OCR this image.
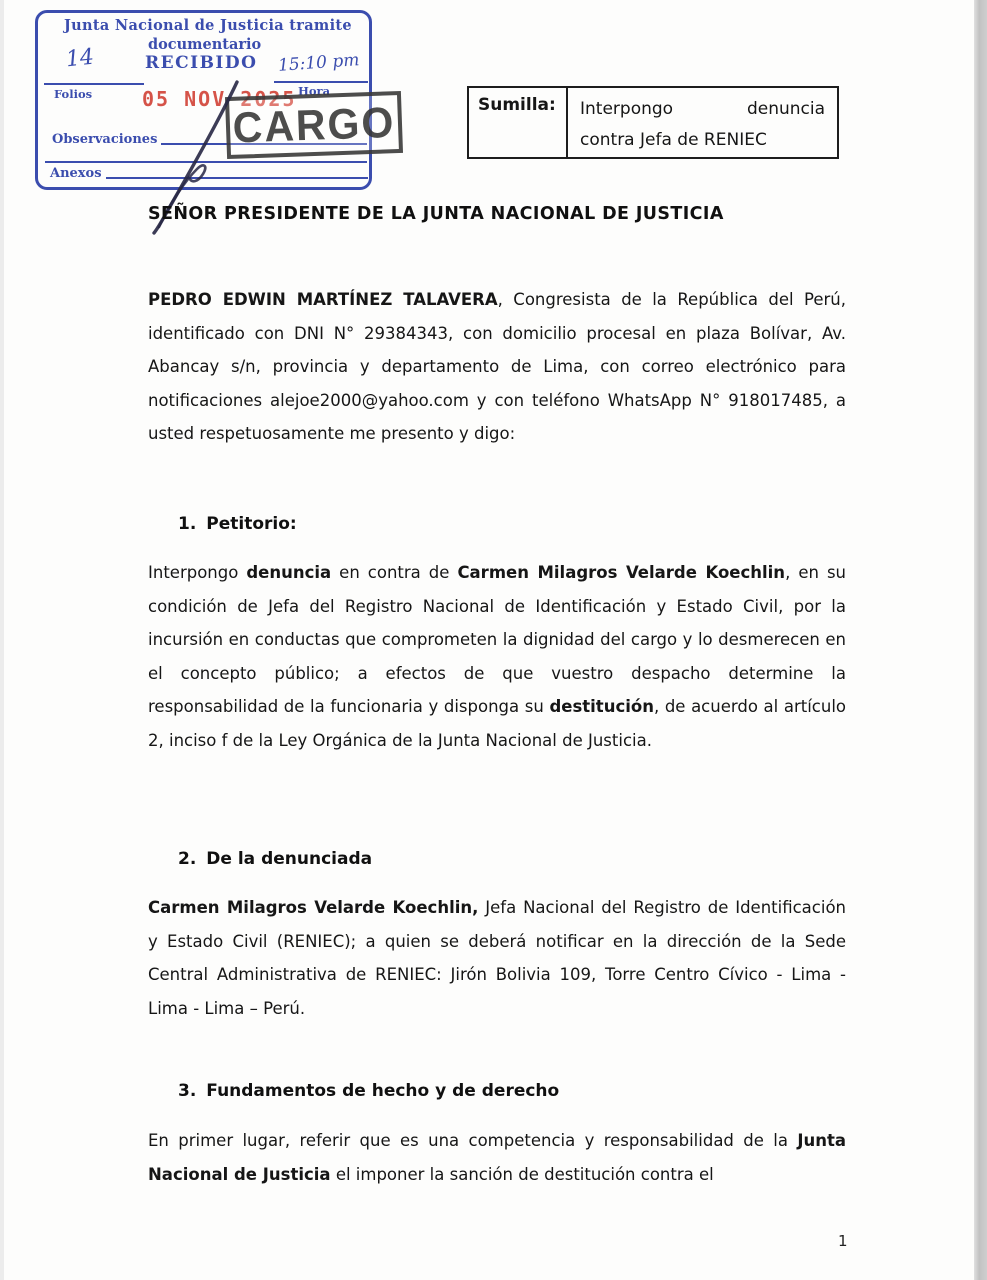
Junta Nacional de Justicia tramite
documentario
RECIBIDO
14
Folios
15:10 pm
Hora
05 NOV 2025
Observaciones
Anexos
CARGO	Sumilla:	Interpongo	denuncia
contra Jefa de RENIEC
SEÑOR PRESIDENTE DE LA JUNTA NACIONAL DE JUSTICIA
PEDRO EDWIN MARTÍNEZ TALAVERA, Congresista de la República del Perú, identificado con DNI N° 29384343, con domicilio procesal en plaza Bolívar, Av. Abancay s/n, provincia y departamento de Lima, con correo electrónico para notificaciones alejoe2000@yahoo.com y con teléfono WhatsApp N° 918017485, a usted respetuosamente me presento y digo:
1. Petitorio:
Interpongo denuncia en contra de Carmen Milagros Velarde Koechlin, en su condición de Jefa del Registro Nacional de Identificación y Estado Civil, por la incursión en conductas que comprometen la dignidad del cargo y lo desmerecen en el concepto público; a efectos de que vuestro despacho determine la responsabilidad de la funcionaria y disponga su destitución, de acuerdo al artículo 2, inciso f de la Ley Orgánica de la Junta Nacional de Justicia.
2. De la denunciada
Carmen Milagros Velarde Koechlin, Jefa Nacional del Registro de Identificación y Estado Civil (RENIEC); a quien se deberá notificar en la dirección de la Sede Central Administrativa de RENIEC: Jirón Bolivia 109, Torre Centro Cívico - Lima - Lima - Lima – Perú.
3. Fundamentos de hecho y de derecho
En primer lugar, referir que es una competencia y responsabilidad de la Junta Nacional de Justicia el imponer la sanción de destitución contra el
1
